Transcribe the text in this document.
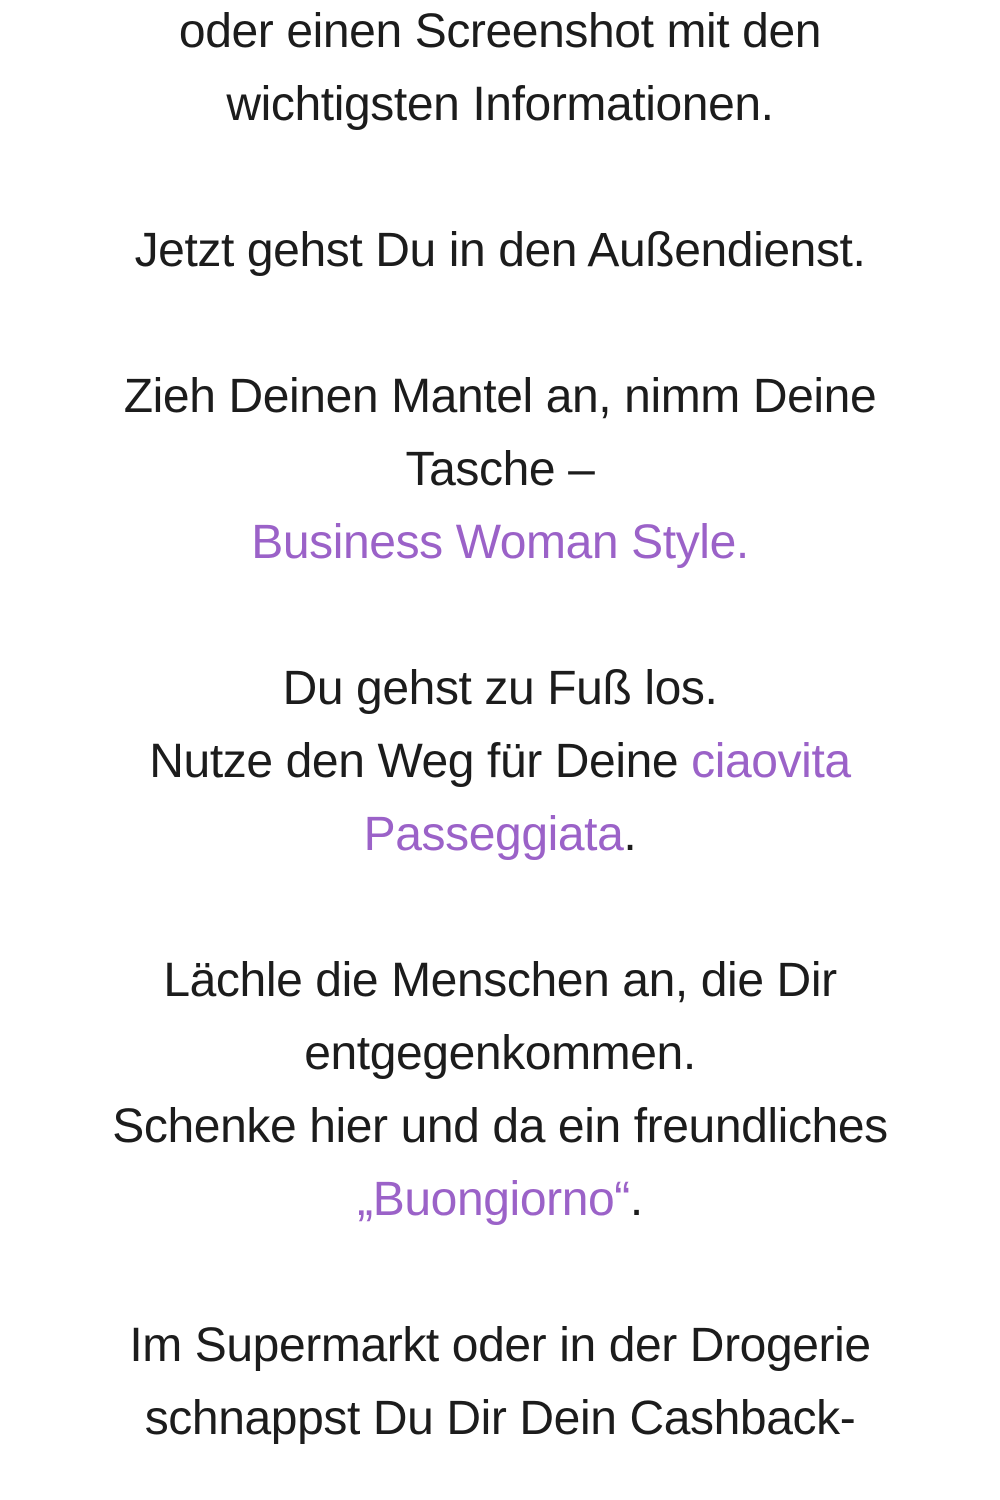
oder einen Screenshot mit den
wichtigsten Informationen.

Jetzt gehst Du in den Außendienst.

Zieh Deinen Mantel an, nimm Deine
Tasche –
Business Woman Style.

Du gehst zu Fuß los.
Nutze den Weg für Deine ciaovita
Passeggiata.

Lächle die Menschen an, die Dir
entgegenkommen.
Schenke hier und da ein freundliches
„Buongiorno“.

Im Supermarkt oder in der Drogerie
schnappst Du Dir Dein Cashback-
